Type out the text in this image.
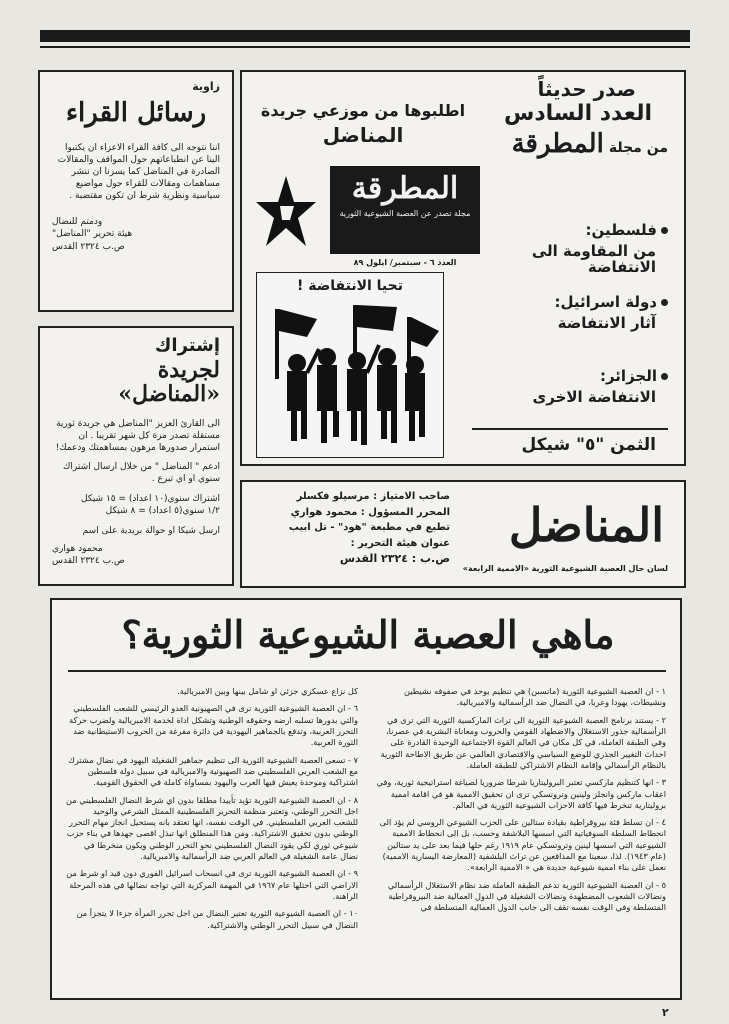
زاوية
رسائل القراء
اننا نتوجه الى كافة القراء الاعزاء ان يكتبوا الينا عن انطباعاتهم حول المواقف والمقالات الصادرة في المناضل كما يسرنا ان ننشر مساهمات ومقالات للقراء حول مواضيع سياسية ونظرية شرط ان تكون مقتضبة .
ودمتم للنضال
هيئة تحرير "المناضل"
ص.ب ٢٣٢٤ القدس
إشتراك
لجريدة «المناضل»
الى القارئ العزيز "المناضل هي جريدة ثورية مستقلة تصدر مرة كل شهر تقريبا . ان استمرار صدورها مرهون بمساهمتك ودعمك!
ادعم " المناضل " من خلال ارسال اشتراك سنوي او اي تبرع .
اشتراك سنوي(١٠ اعداد) = ١٥ شيكل
١/٢ سنوي(٥ اعداد) = ٨ شيكل
ارسل شيكا او حوالة بريدية على اسم
محمود هواري
ص.ب ٢٣٢٤ القدس
صدر حديثاً
العدد السادس
من مجلة المطرقة
اطلبوها من موزعي جريدة
المناضل
المطرقة
مجلة تصدر عن العصبة الشيوعية الثورية
العدد ٦ - سبتمبر/ ايلول ٨٩
تحيا الانتفاضة !
فلسطين:
من المقاومة الى الانتفاضة
دولة اسرائيل:
آثار الانتفاضة
الجزائر:
الانتفاضة الاخرى
الثمن "٥" شيكل
المناضل
لسان حال العصبة الشيوعية الثورية «الاممية الرابعة»
صاحب الامتياز : مرسيلو فكسلر
المحرر المسؤول : محمود هواري
تطبع في مطبعة "هود" - تل ابيب
عنوان هيئة التحرير :
ص.ب : ٢٣٢٤ القدس
ماهي العصبة الشيوعية الثورية؟

١ - ان العصبة الشيوعية الثورية (ماتسبن) هي تنظيم يوحد في صفوفه نشيطين ونشيطات، يهودا وعربا، في النضال ضد الرأسمالية والامبريالية.

٢ - يستند برنامج العصبة الشيوعية الثورية الى تراث الماركسية الثورية التي ترى في الرأسمالية جذور الاستغلال والاضطهاد القومي والحروب ومعاناة البشرية في عصرنا، وفي الطبقة العاملة، في كل مكان في العالم القوة الاجتماعية الوحيدة القادرة على احداث التغيير الجذري للوضع السياسي والاقتصادي العالمي عن طريق الاطاحة الثورية بالنظام الرأسمالي وإقامة النظام الاشتراكي للطبقة العاملة.

٣ - انها كتنظيم ماركسي تعتبر البروليتاريا شرطا ضروريا لصياغة استراتيجية ثورية، وفي اعقاب ماركس وانجلز ولينين وتروتسكي ترى ان تحقيق الاممية هو في اقامة اممية بروليتارية تنخرط فيها كافة الاحزاب الشيوعية الثورية في العالم.

٤ - ان تسلط فئة بيروقراطية بقيادة ستالين على الحزب الشيوعي الروسي لم يؤد الى انحطاط السلطة السوفياتية التي اسسها البلاشفة وحسب، بل الى انحطاط الاممية الشيوعية التي اسسها لينين وتروتسكي عام ١٩١٩ رغم حلها فيما بعد على يد ستالين (عام ١٩٤٣). لذا، سعينا مع المدافعين عن تراث البلشفية (المعارضة اليسارية الاممية) نعمل على بناء اممية شيوعية جديدة هي « الاممية الرابعة».

٥ - ان العصبة الشيوعية الثورية تدعم الطبقة العاملة ضد نظام الاستغلال الرأسمالي ونضالات الشعوب المضطهدة ونضالات الشغيلة في الدول العمالية ضد البيروقراطية المتسلطة وفي الوقت نفسه تقف الى جانب الدول العمالية المتسلطة في

كل نزاع عسكري جزئي او شامل بينها وبين الامبريالية.

٦ - ان العصبة الشيوعية الثورية ترى في الصهيونية العدو الرئيسي للشعب الفلسطيني والتي بدورها تسلبه ارضه وحقوقه الوطنية وتشكل اداة لخدمة الامبريالية ولضرب حركة التحرر العربية، وتدفع بالجماهير اليهودية في دائرة مفرغة من الحروب الاستيطانية ضد الثورة العربية.

٧ - تسعى العصبة الشيوعية الثورية الى تنظيم جماهير الشغيلة اليهود في نضال مشترك مع الشعب العربي الفلسطيني ضد الصهيونية والامبريالية في سبيل دولة فلسطين اشتراكية وموحدة يعيش فيها العرب واليهود بمساواة كاملة في الحقوق القومية.

٨ - ان العصبة الشيوعية الثورية تؤيد تأييدا مطلقا بدون اي شرط النضال الفلسطيني من اجل التحرر الوطني، وتعتبر منظمة التحرير الفلسطينية الممثل الشرعي والوحيد للشعب العربي الفلسطيني. في الوقت نفسه، انها تعتقد بانه يستحيل انجاز مهام التحرر الوطني بدون تحقيق الاشتراكية. ومن هذا المنطلق انها تبذل اقصى جهدها في بناء حزب شيوعي ثوري لكي يقود النضال الفلسطيني نحو التحرر الوطني ويكون منخرطا في نضال عامة الشغيلة في العالم العربي ضد الرأسمالية والامبريالية.

٩ - ان العصبة الشيوعية الثورية ترى في انسحاب اسرائيل الفوري دون قيد او شرط من الاراضي التي احتلها عام ١٩٦٧ في المهمة المركزية التي تواجه نضالها في هذه المرحلة الراهنة.

١٠ - ان العصبة الشيوعية الثورية تعتبر النضال من اجل تحرر المرأة جزءا لا يتجزأ من النضال في سبيل التحرر الوطني والاشتراكية.

٢
